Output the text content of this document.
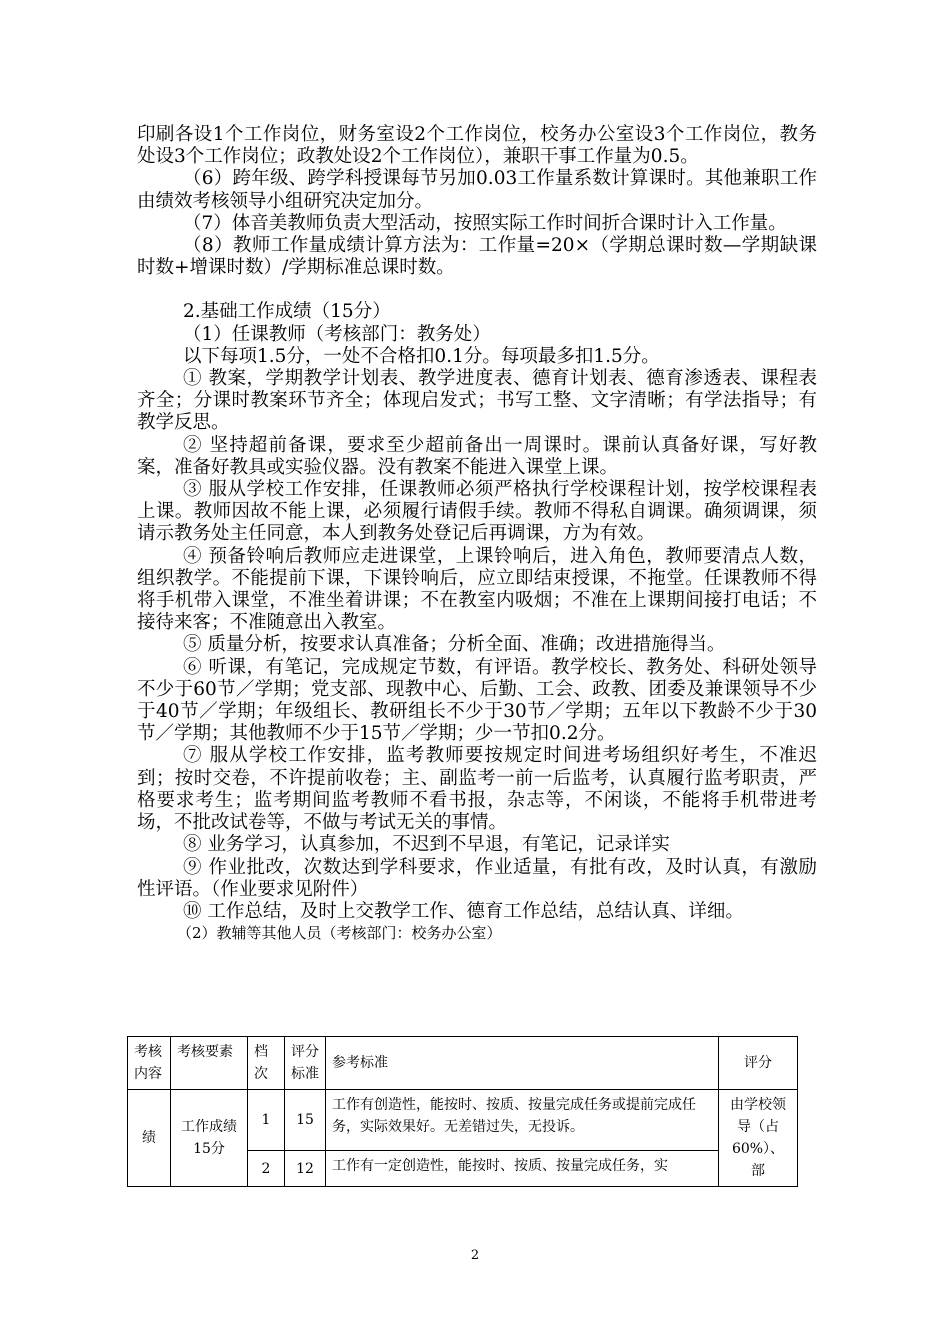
印刷各设1个工作岗位，财务室设2个工作岗位，校务办公室设3个工作岗位，教务处设3个工作岗位；政教处设2个工作岗位），兼职干事工作量为0.5。

（6）跨年级、跨学科授课每节另加0.03工作量系数计算课时。其他兼职工作由绩效考核领导小组研究决定加分。

（7）体音美教师负责大型活动，按照实际工作时间折合课时计入工作量。

（8）教师工作量成绩计算方法为：工作量=20×（学期总课时数—学期缺课时数+增课时数）/学期标准总课时数。

2.基础工作成绩（15分）

（1）任课教师（考核部门：教务处）

以下每项1.5分，一处不合格扣0.1分。每项最多扣1.5分。

① 教案，学期教学计划表、教学进度表、德育计划表、德育渗透表、课程表齐全；分课时教案环节齐全；体现启发式；书写工整、文字清晰；有学法指导；有教学反思。

② 坚持超前备课，要求至少超前备出一周课时。课前认真备好课，写好教案，准备好教具或实验仪器。没有教案不能进入课堂上课。

③ 服从学校工作安排，任课教师必须严格执行学校课程计划，按学校课程表上课。教师因故不能上课，必须履行请假手续。教师不得私自调课。确须调课，须请示教务处主任同意，本人到教务处登记后再调课，方为有效。

④ 预备铃响后教师应走进课堂，上课铃响后，进入角色，教师要清点人数，组织教学。不能提前下课，下课铃响后，应立即结束授课，不拖堂。任课教师不得将手机带入课堂，不准坐着讲课；不在教室内吸烟；不准在上课期间接打电话；不接待来客；不准随意出入教室。

⑤ 质量分析，按要求认真准备；分析全面、准确；改进措施得当。

⑥ 听课，有笔记，完成规定节数，有评语。教学校长、教务处、科研处领导不少于60节／学期；党支部、现教中心、后勤、工会、政教、团委及兼课领导不少于40节／学期；年级组长、教研组长不少于30节／学期；五年以下教龄不少于30节／学期；其他教师不少于15节／学期；少一节扣0.2分。

⑦ 服从学校工作安排，监考教师要按规定时间进考场组织好考生，不准迟到；按时交卷，不许提前收卷；主、副监考一前一后监考，认真履行监考职责，严格要求考生；监考期间监考教师不看书报，杂志等，不闲谈，不能将手机带进考场，不批改试卷等，不做与考试无关的事情。

⑧ 业务学习，认真参加，不迟到不早退，有笔记，记录详实

⑨ 作业批改，次数达到学科要求，作业适量，有批有改，及时认真，有激励性评语。（作业要求见附件）

⑩ 工作总结，及时上交教学工作、德育工作总结，总结认真、详细。

（2）教辅等其他人员（考核部门：校务办公室）

考核内容	考核要素	档次	评分标准	参考标准	评分
绩	工作成绩15分	1	15	工作有创造性，能按时、按质、按量完成任务或提前完成任务，实际效果好。无差错过失，无投诉。	由学校领导（占60%）、部
		2	12	工作有一定创造性，能按时、按质、按量完成任务，实	
2
